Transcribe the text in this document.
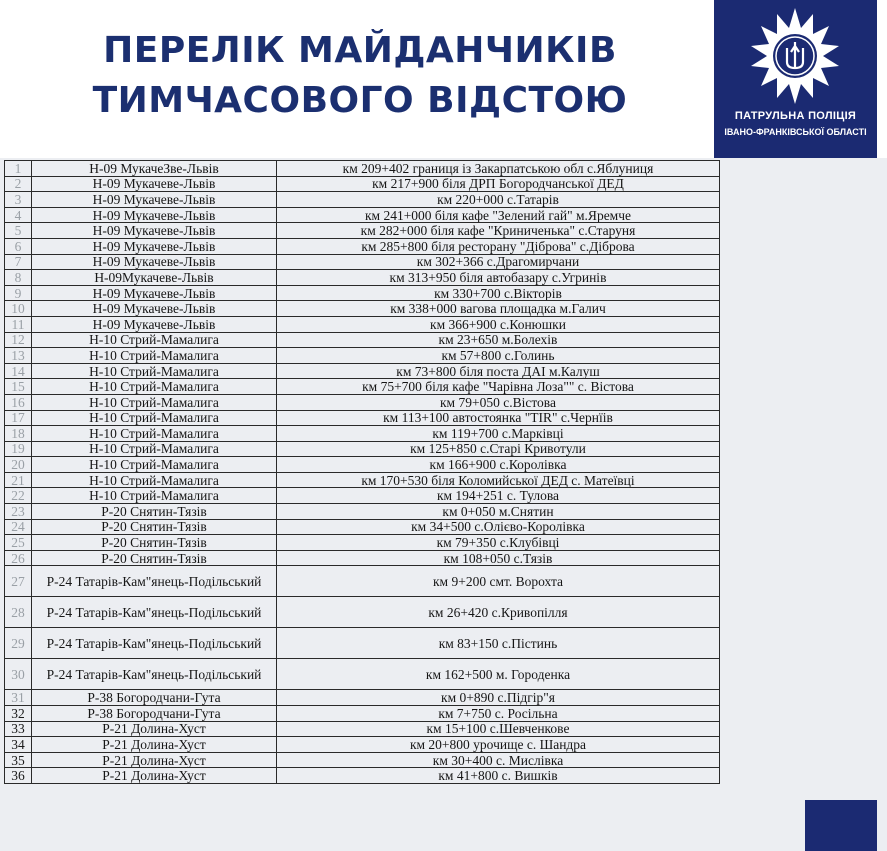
ПЕРЕЛІК МАЙДАНЧИКІВ
ТИМЧАСОВОГО ВІДСТОЮ	ПАТРУЛЬНА ПОЛІЦІЯ
ІВАНО-ФРАНКІВСЬКОЇ ОБЛАСТІ
1	Н-09 МукачеЗве-Львів	км 209+402 границя із Закарпатською обл с.Яблуниця
2	Н-09 Мукачеве-Львів	км 217+900 біля ДРП Богородчанської ДЕД
3	Н-09 Мукачеве-Львів	км 220+000 с.Татарів
4	Н-09 Мукачеве-Львів	км 241+000 біля кафе "Зелений гай" м.Яремче
5	Н-09 Мукачеве-Львів	км 282+000 біля кафе "Криниченька" с.Старуня
6	Н-09 Мукачеве-Львів	км 285+800 біля ресторану "Діброва" с.Діброва
7	Н-09 Мукачеве-Львів	км 302+366 с.Драгомирчани
8	Н-09Мукачеве-Львів	км 313+950 біля автобазару с.Угринів
9	Н-09 Мукачеве-Львів	км 330+700 с.Вікторів
10	Н-09 Мукачеве-Львів	км 338+000 вагова площадка м.Галич
11	Н-09 Мукачеве-Львів	км 366+900 с.Конюшки
12	Н-10 Стрий-Мамалига	км 23+650 м.Болехів
13	Н-10 Стрий-Мамалига	км 57+800 с.Голинь
14	Н-10 Стрий-Мамалига	км 73+800 біля поста ДАІ м.Калуш
15	Н-10 Стрий-Мамалига	км 75+700 біля кафе "Чарівна Лоза"" с. Вістова
16	Н-10 Стрий-Мамалига	км 79+050 с.Вістова
17	Н-10 Стрий-Мамалига	км 113+100 автостоянка "TIR" с.Чернїів
18	Н-10 Стрий-Мамалига	км 119+700 с.Марківці
19	Н-10 Стрий-Мамалига	км 125+850 с.Старі Кривотули
20	Н-10 Стрий-Мамалига	км 166+900 с.Королівка
21	Н-10 Стрий-Мамалига	км 170+530 біля Коломийської ДЕД с. Матеївці
22	Н-10 Стрий-Мамалига	км 194+251 с. Тулова
23	Р-20 Снятин-Тязів	км 0+050 м.Снятин
24	Р-20 Снятин-Тязів	км 34+500 с.Олієво-Королівка
25	Р-20 Снятин-Тязів	км 79+350 с.Клубівці
26	Р-20 Снятин-Тязів	км 108+050 с.Тязів
27	Р-24 Татарів-Кам"янець-Подільський	км 9+200 смт. Ворохта
28	Р-24 Татарів-Кам"янець-Подільський	км 26+420 с.Кривопілля
29	Р-24 Татарів-Кам"янець-Подільський	км 83+150 с.Пістинь
30	Р-24 Татарів-Кам"янець-Подільський	км 162+500 м. Городенка
31	Р-38 Богородчани-Гута	км 0+890 с.Підгір"я
32	Р-38 Богородчани-Гута	км 7+750 с. Росільна
33	Р-21 Долина-Хуст	км 15+100 с.Шевченкове
34	Р-21 Долина-Хуст	км 20+800 урочище с. Шандра
35	Р-21 Долина-Хуст	км 30+400 с. Мислівка
36	Р-21 Долина-Хуст	км 41+800 с. Вишків
